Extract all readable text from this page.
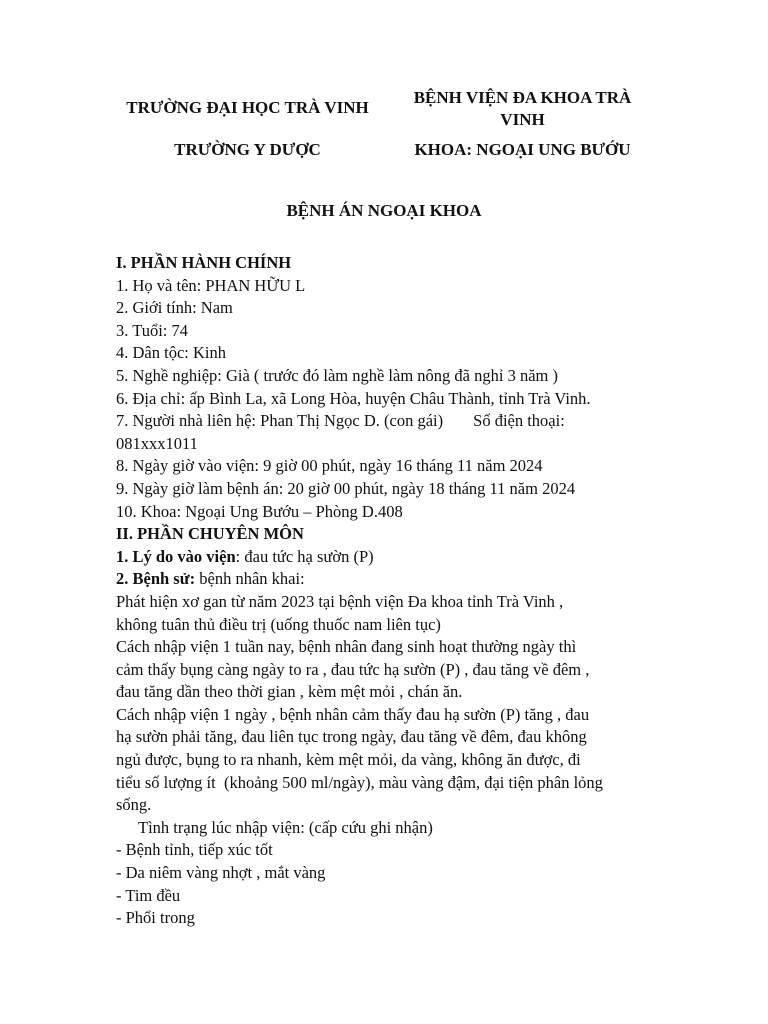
TRƯỜNG ĐẠI HỌC TRÀ VINH
TRƯỜNG Y DƯỢC
BỆNH VIỆN ĐA KHOA TRÀ
VINH
KHOA: NGOẠI UNG BƯỚU
BỆNH ÁN NGOẠI KHOA
I. PHẦN HÀNH CHÍNH
1. Họ và tên: PHAN HỮU L
2. Giới tính: Nam
3. Tuổi: 74
4. Dân tộc: Kinh
5. Nghề nghiệp: Già ( trước đó làm nghề làm nông đã nghỉ 3 năm )
6. Địa chỉ: ấp Bình La, xã Long Hòa, huyện Châu Thành, tỉnh Trà Vinh.
7. Người nhà liên hệ: Phan Thị Ngọc D. (con gái) Số điện thoại:
081xxx1011
8. Ngày giờ vào viện: 9 giờ 00 phút, ngày 16 tháng 11 năm 2024
9. Ngày giờ làm bệnh án: 20 giờ 00 phút, ngày 18 tháng 11 năm 2024
10. Khoa: Ngoại Ung Bướu – Phòng D.408
II. PHẦN CHUYÊN MÔN
1. Lý do vào viện: đau tức hạ sườn (P)
2. Bệnh sử: bệnh nhân khai:
Phát hiện xơ gan từ năm 2023 tại bệnh viện Đa khoa tỉnh Trà Vinh ,
không tuân thủ điều trị (uống thuốc nam liên tục)
Cách nhập viện 1 tuần nay, bệnh nhân đang sinh hoạt thường ngày thì
cảm thấy bụng càng ngày to ra , đau tức hạ sườn (P) , đau tăng về đêm ,
đau tăng dần theo thời gian , kèm mệt mỏi , chán ăn.
Cách nhập viện 1 ngày , bệnh nhân cảm thấy đau hạ sườn (P) tăng , đau
hạ sườn phải tăng, đau liên tục trong ngày, đau tăng về đêm, đau không
ngủ được, bụng to ra nhanh, kèm mệt mỏi, da vàng, không ăn được, đi
tiểu số lượng ít  (khoảng 500 ml/ngày), màu vàng đậm, đại tiện phân lỏng
sống.
Tình trạng lúc nhập viện: (cấp cứu ghi nhận)
- Bệnh tỉnh, tiếp xúc tốt
- Da niêm vàng nhợt , mắt vàng
- Tim đều
- Phổi trong
